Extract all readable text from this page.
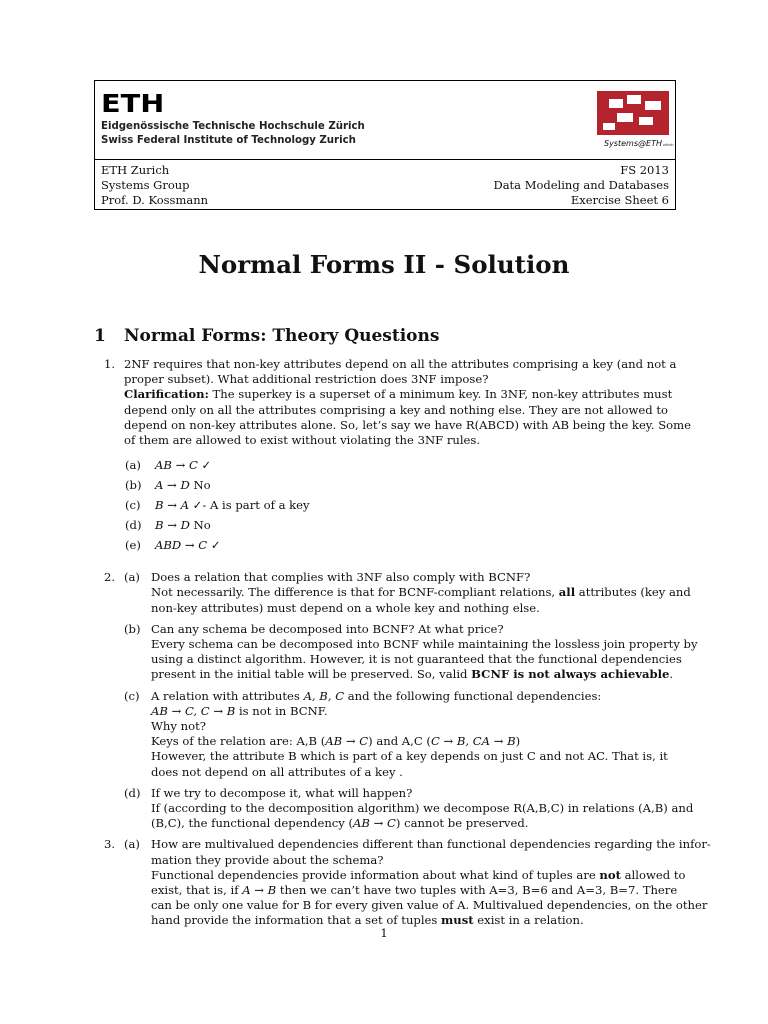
ETH
Eidgenössische Technische Hochschule Zürich
Swiss Federal Institute of Technology Zurich	Systems@ETH zürich
ETH Zurich
Systems Group
Prof. D. Kossmann
FS 2013
Data Modeling and Databases
Exercise Sheet 6
Normal Forms II - Solution
1 Normal Forms: Theory Questions
1. 2NF requires that non-key attributes depend on all the attributes comprising a key (and not a
proper subset). What additional restriction does 3NF impose?
Clarification: The superkey is a superset of a minimum key. In 3NF, non-key attributes must
depend only on all the attributes comprising a key and nothing else. They are not allowed to
depend on non-key attributes alone. So, let’s say we have R(ABCD) with AB being the key. Some
of them are allowed to exist without violating the 3NF rules.
(a) AB → C ✓
(b) A → D No
(c) B → A ✓- A is part of a key
(d) B → D No
(e) ABD → C ✓
2. (a) Does a relation that complies with 3NF also comply with BCNF?
Not necessarily. The difference is that for BCNF-compliant relations, all attributes (key and
non-key attributes) must depend on a whole key and nothing else.
(b) Can any schema be decomposed into BCNF? At what price?
Every schema can be decomposed into BCNF while maintaining the lossless join property by
using a distinct algorithm. However, it is not guaranteed that the functional dependencies
present in the initial table will be preserved. So, valid BCNF is not always achievable.
(c) A relation with attributes A, B, C and the following functional dependencies:
AB → C, C → B is not in BCNF.
Why not?
Keys of the relation are: A,B (AB → C) and A,C (C → B, CA → B)
However, the attribute B which is part of a key depends on just C and not AC. That is, it
does not depend on all attributes of a key .
(d) If we try to decompose it, what will happen?
If (according to the decomposition algorithm) we decompose R(A,B,C) in relations (A,B) and
(B,C), the functional dependency (AB → C) cannot be preserved.
3. (a) How are multivalued dependencies different than functional dependencies regarding the infor-
mation they provide about the schema?
Functional dependencies provide information about what kind of tuples are not allowed to
exist, that is, if A → B then we can’t have two tuples with A=3, B=6 and A=3, B=7. There
can be only one value for B for every given value of A. Multivalued dependencies, on the other
hand provide the information that a set of tuples must exist in a relation.
1
